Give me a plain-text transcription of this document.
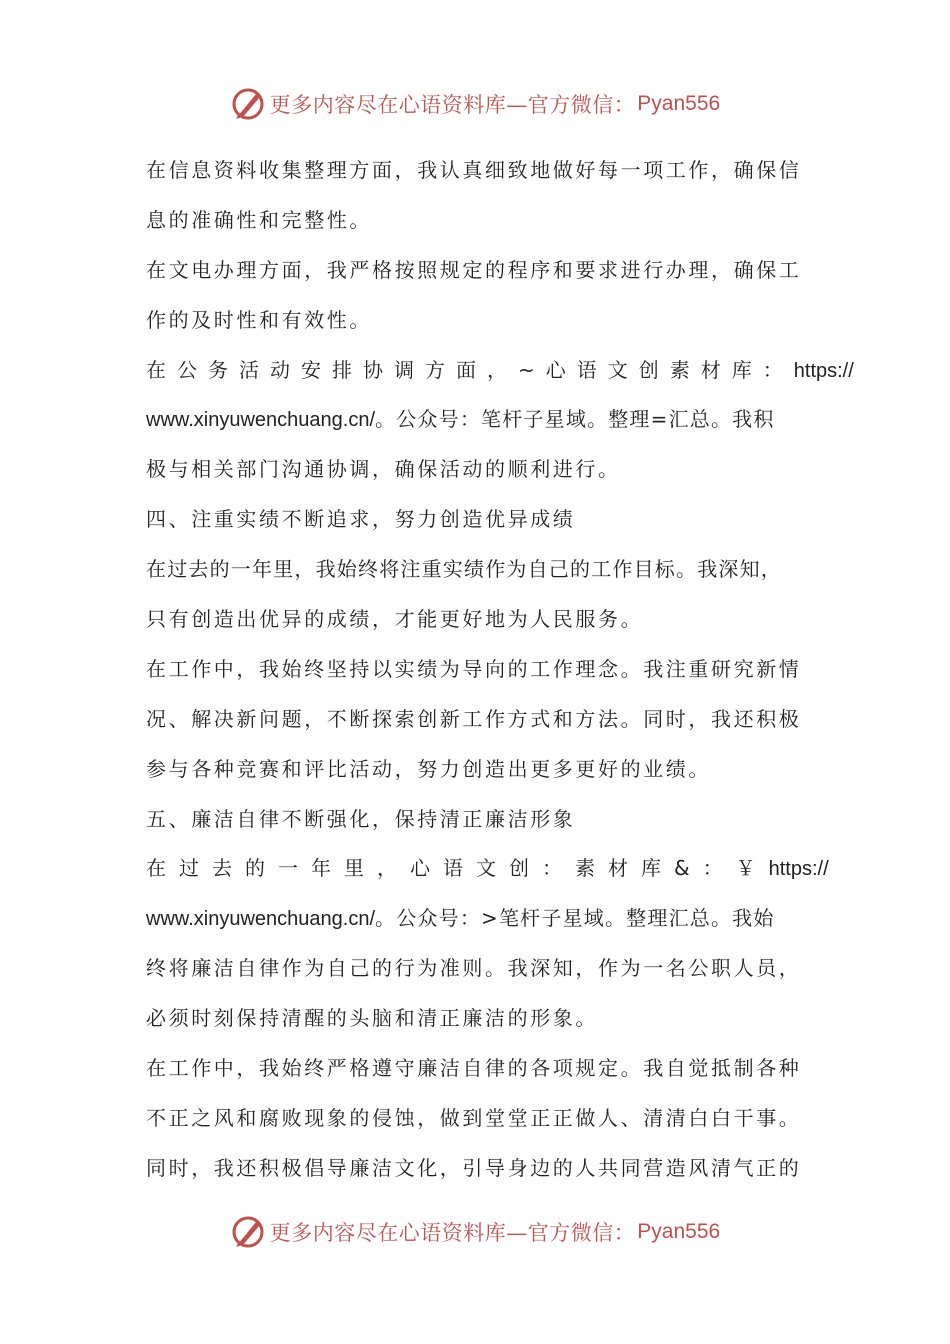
更多内容尽在心语资料库—官方微信： Pyan556
在信息资料收集整理方面，我认真细致地做好每一项工作，确保信
息的准确性和完整性。
在文电办理方面，我严格按照规定的程序和要求进行办理，确保工
作的及时性和有效性。
在公务活动安排协调方面，~心语文创素材库：https://
www.xinyuwenchuang.cn/。公众号：笔杆子星域。整理=汇总。我积
极与相关部门沟通协调，确保活动的顺利进行。
四、注重实绩不断追求，努力创造优异成绩
在过去的一年里，我始终将注重实绩作为自己的工作目标。我深知，
只有创造出优异的成绩，才能更好地为人民服务。
在工作中，我始终坚持以实绩为导向的工作理念。我注重研究新情
况、解决新问题，不断探索创新工作方式和方法。同时，我还积极
参与各种竞赛和评比活动，努力创造出更多更好的业绩。
五、廉洁自律不断强化，保持清正廉洁形象
在过去的一年里，心语文创：素材库&：￥https://
www.xinyuwenchuang.cn/。公众号：>笔杆子星域。整理汇总。我始
终将廉洁自律作为自己的行为准则。我深知，作为一名公职人员，
必须时刻保持清醒的头脑和清正廉洁的形象。
在工作中，我始终严格遵守廉洁自律的各项规定。我自觉抵制各种
不正之风和腐败现象的侵蚀，做到堂堂正正做人、清清白白干事。
同时，我还积极倡导廉洁文化，引导身边的人共同营造风清气正的
更多内容尽在心语资料库—官方微信： Pyan556
